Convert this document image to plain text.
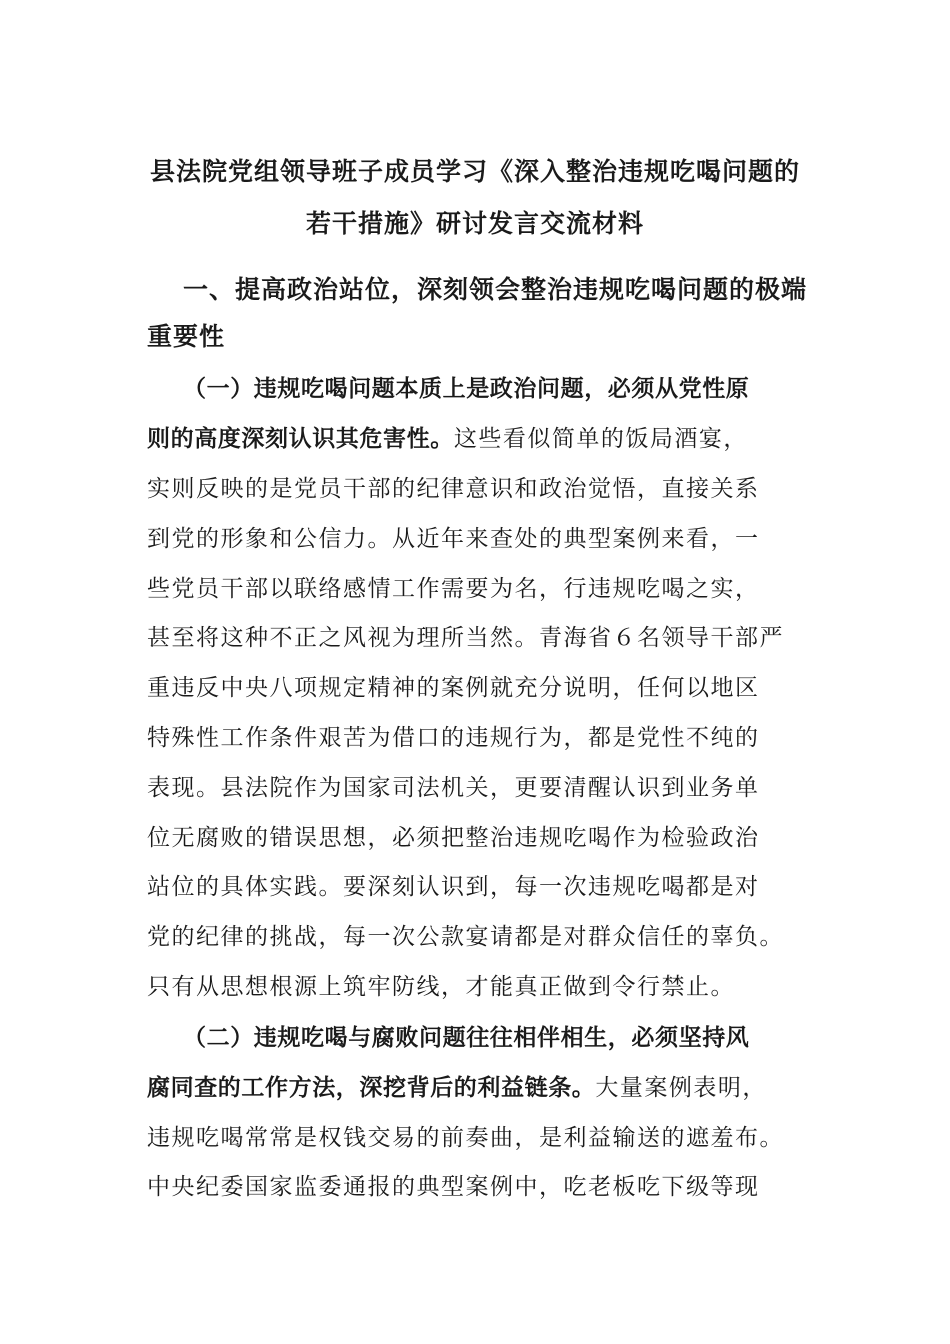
县法院党组领导班子成员学习《深入整治违规吃喝问题的
若干措施》研讨发言交流材料
一、提高政治站位，深刻领会整治违规吃喝问题的极端
重要性
（一）违规吃喝问题本质上是政治问题，必须从党性原
则的高度深刻认识其危害性。这些看似简单的饭局酒宴，
实则反映的是党员干部的纪律意识和政治觉悟，直接关系
到党的形象和公信力。从近年来查处的典型案例来看，一
些党员干部以联络感情工作需要为名，行违规吃喝之实，
甚至将这种不正之风视为理所当然。青海省６名领导干部严
重违反中央八项规定精神的案例就充分说明，任何以地区
特殊性工作条件艰苦为借口的违规行为，都是党性不纯的
表现。县法院作为国家司法机关，更要清醒认识到业务单
位无腐败的错误思想，必须把整治违规吃喝作为检验政治
站位的具体实践。要深刻认识到，每一次违规吃喝都是对
党的纪律的挑战，每一次公款宴请都是对群众信任的辜负。
只有从思想根源上筑牢防线，才能真正做到令行禁止。
（二）违规吃喝与腐败问题往往相伴相生，必须坚持风
腐同查的工作方法，深挖背后的利益链条。大量案例表明，
违规吃喝常常是权钱交易的前奏曲，是利益输送的遮羞布。
中央纪委国家监委通报的典型案例中，吃老板吃下级等现
